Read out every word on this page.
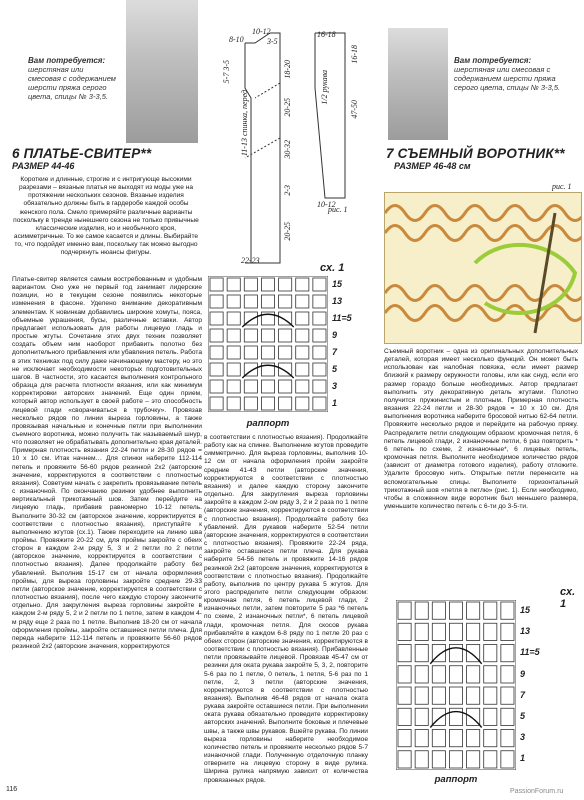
Вам потребуется:
шерстяная или смесовая с содержанием шерсти пряжа серого цвета, спицы № 3-3,5.
6 ПЛАТЬЕ-СВИТЕР**
РАЗМЕР 44-46
8-10
10-12
3-5
5-7 3-5
11-13 спинка, перед
18-20
20-25
30-32
2-3
20-25
22-23
рис. 1
16-18
1/2 рукава
16-18
47-50
10-12
Короткие и длинные, строгие и с интригующе высокими разрезами – вязаные платья не выходят из моды уже на протяжении нескольких сезонов. Вязаные изделия обязательно должны быть в гардеробе каждой особы женского пола. Смело примеряйте различные варианты поскольку в тренде нынешнего сезона не только привычные классические изделия, но и необычного кроя, асимметричные. То же самое касается и длины. Выбирайте то, что подойдет именно вам, поскольку так можно выгодно подчеркнуть нюансы фигуры.
сх. 1
15
13
11=5
9
7
5
3
1
раппорт
Платье-свитер является самым востребованным и удобным вариантом. Оно уже не первый год занимает лидерские позиции, но в текущем сезоне появились некоторые изменения в фасоне. Уделено внимание декоративным элементам. К новинкам добавились широкие хомуты, пояса, объемные украшения, бусы, различные вставки. Автор предлагает использовать для работы лицевую гладь и простые жгуты. Сочетание этих двух техник позволяет создать объем ним наоборот прибавить полотно без дополнительного прибавления или убавления петель. Работа в этих техниках под силу даже начинающему мастеру, но это не исключает необходимости некоторых подготовительных шагов. В частности, это касается выполнения контрольного образца для расчета плотности вязания, или как минимум корректировки авторских значений. Еще один прием, который автор использует в своей работе – это способность лицевой глади «сворачиваться в трубочку». Провязав несколько рядов по линии выреза горловины, а также провязывая начальные и конечные петли при выполнении съемного воротника, можно получить так называемый шнур, что позволяет не обрабатывать дополнительно края деталей. Примерная плотность вязания 22-24 петли и 28-30 рядов = 10 х 10 см. Итак начнем… Для спинки наберите 112-114 петель и провяжите 56-60 рядов резинкой 2х2 (авторские значение, корректируются в соответствии с плотностью вязания). Советуем начать с закрепить провязывание петель с изнаночной. По окончанию резинки удобнее выполнить вертикальный трикотажный шов. Затем перейдите на лицевую гладь, прибавив равномерно 10-12 петель. Выполните 30-32 см (авторское значение, корректируется в соответствии с плотностью вязания), приступайте к выполнению жгутов (сх.1). Также переходите на линию шва проймы. Провяжите 20-22 см, для проймы закройте с обеих сторон в каждом 2-м ряду 5, 3 и 2 петли по 2 петли (авторское значение, корректируется в соответствии с плотностью вязания). Далее продолжайте работу без убавлений. Выполнив 15-17 см от начала оформления проймы, для выреза горловины закройте средние 29-33 петли (авторское значение, корректируется в соответствии с плотностью вязания), после чего каждую сторону закончите отдельно. Для закругления выреза горловины закройте в каждом 2-м ряду 5, 2 и 2 петли по 1 петле, затем в каждом 4-м ряду еще 2 раза по 1 петле. Выполнив 18-20 см от начала оформления проймы, закройте оставшиеся петли плеча. Для переда наберите 112-114 петель и провяжите 56-60 рядов резинкой 2х2 (авторские значения, корректируются
в соответствии с плотностью вязания). Продолжайте работу как на спинке. Выполнение жгутов проведите симметрично. Для выреза горловины, выполнив 10-12 см от начала оформления пройм закройте средние 41-43 петли (авторские значения, корректируются в соответствии с плотностью вязания) и далее каждую сторону закончите отдельно. Для закругления выреза горловины закройте в каждом 2-ом ряду 3, 2 и 2 раза по 1 петле (авторские значения, корректируются в соответствии с плотностью вязания). Продолжайте работу без убавлений. Для рукавов наберите 52-54 петли (авторские значения, корректируются в соответствии с плотностью вязания). Провяжите 22-24 ряда, закройте оставшиеся петли плеча. Для рукава наберите 54-56 петель и провяжите 14-16 рядов резинкой 2х2 (авторские значения, корректируются в соответствии с плотностью вязания). Продолжайте работу, выполнив по центру рукава 5 жгутов. Для этого распределите петли следующим образом: кромочная петля, 6 петель лицевой глади, 2 изнаночных петли, затем повторите 5 раз *6 петель по схеме, 2 изнаночных петли*, 6 петель лицевой глади, кромочная петля. Для скосов рукава прибавляйте в каждом 6-8 ряду по 1 петле 20 раз с обеих сторон (авторские значения, корректируются в соответствии с плотностью вязания). Прибавленные петли провязывайте лицевой. Провязав 45-47 см от резинки для оката рукава закройте 5, 3, 2, повторите 5-6 раз по 1 петле, 0 петель, 1 петля, 5-6 раз по 1 петле, 2, 3 петли (авторские значения, корректируются в соответствии с плотностью вязания). Выполнив 46-48 рядов от начала оката рукава закройте оставшиеся петли. При выполнении оката рукава обязательно проведите корректировку авторских значений. Выполните боковые и плечевые швы, а также швы рукавов. Вшейте рукава. По линии выреза горловины наберите необходимое количество петель и провяжите несколько рядов 5-7 изнаночной глади. Полученную отделочную планку отверните на лицевую сторону в виде рулика. Ширина рулика напрямую зависит от количества провязанных рядов.
Вам потребуется:
шерстяная или смесовая с содержанием шерсти пряжа серого цвета, спицы № 3-3,5.
7 СЪЕМНЫЙ ВОРОТНИК**
РАЗМЕР 46-48 см
рис. 1
Съемный воротник – одна из оригинальных дополнительных деталей, которая имеет несколько функций. Он может быть использован как налобная повязка, если имеет размер близкий к размеру окружности головы, или как снуд, если его размер гораздо больше необходимых. Автор предлагает выполнить эту декоративную деталь жгутами. Полотно получится пружинистым и плотным. Примерная плотность вязания 22-24 петли и 28-30 рядов = 10 х 10 см. Для выполнения воротника наберите бросовой нитью 62-64 петли. Провяжите несколько рядов и перейдите на рабочую пряжу. Распределите петли следующим образом: кромочная петля, 6 петель лицевой глади, 2 изнаночные петли, 6 раз повторить * 6 петель по схеме, 2 изнаночные*, 6 лицевых петель, кромочная петля. Выполните необходимое количество рядов (зависит от диаметра готового изделия), работу отложите. Удалите бросовую нить. Открытые петли перенесите на вспомогательные спицы. Выполните горизонтальный трикотажный шов «петля в петлю» (рис. 1). Если необходимо, чтобы в сложенном виде воротник был меньшего размера, уменьшите количество петель с 6-ти до 3-5-ти.
сх. 1
15
13
11=5
9
7
5
3
1
раппорт
116	PassionForum.ru
